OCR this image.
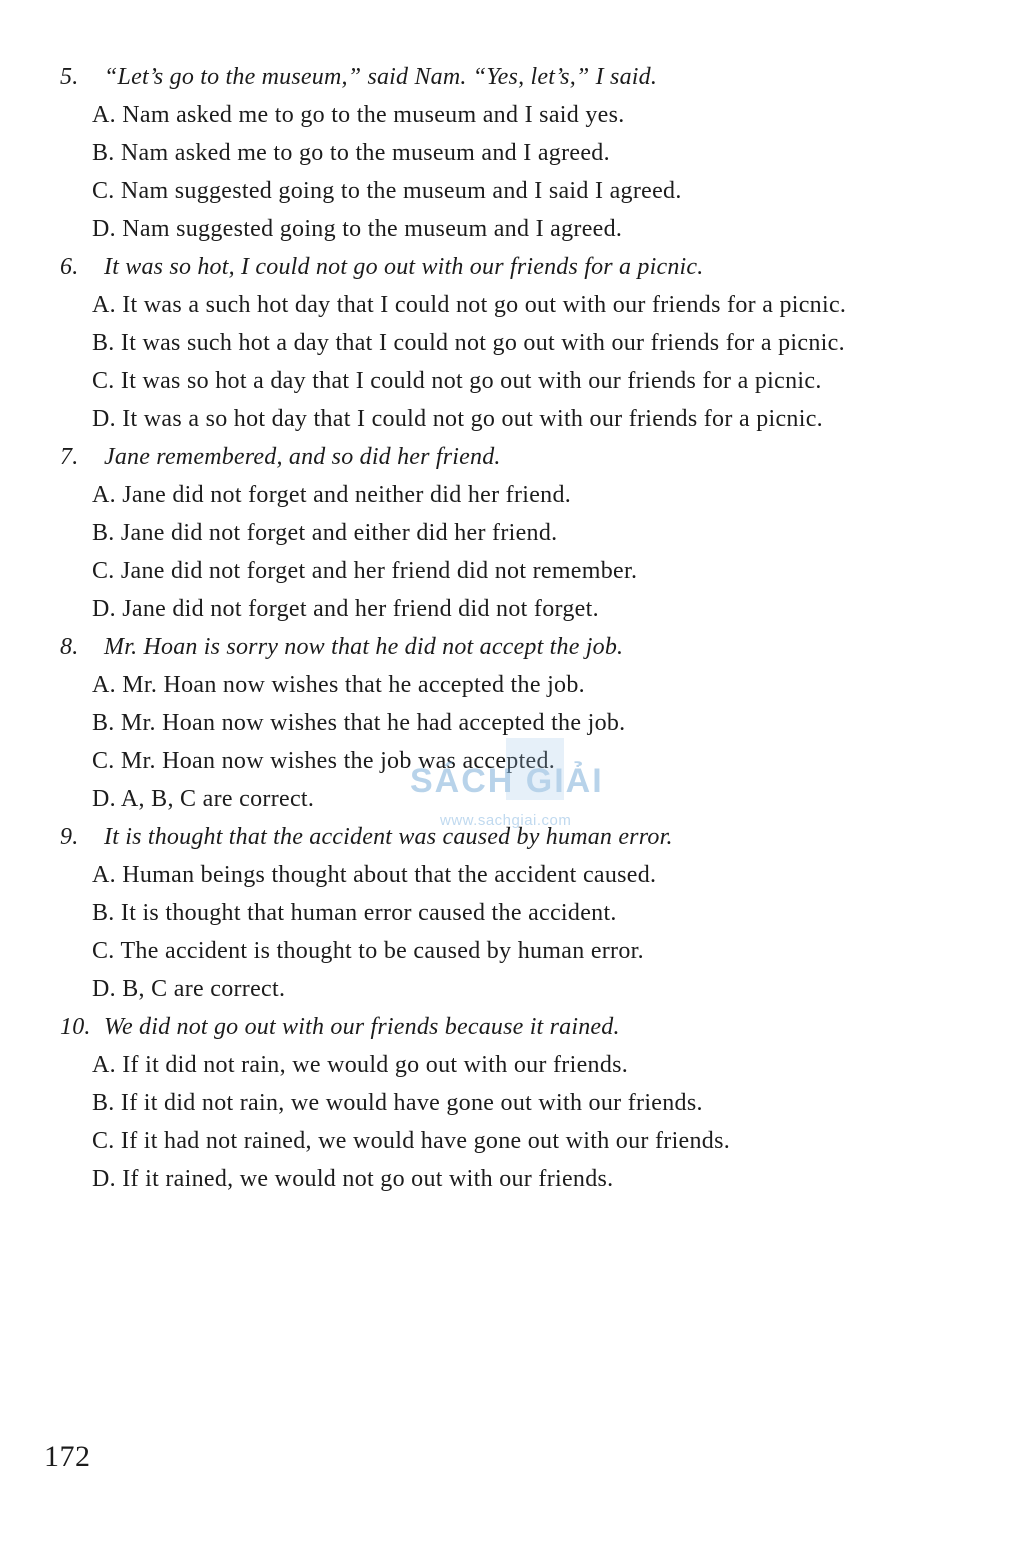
5. “Let’s go to the museum,” said Nam. “Yes, let’s,” I said.
A. Nam asked me to go to the museum and I said yes.
B. Nam asked me to go to the museum and I agreed.
C. Nam suggested going to the museum and I said I agreed.
D. Nam suggested going to the museum and I agreed.
6. It was so hot, I could not go out with our friends for a picnic.
A. It was a such hot day that I could not go out with our friends for a picnic.
B. It was such hot a day that I could not go out with our friends for a picnic.
C. It was so hot a day that I could not go out with our friends for a picnic.
D. It was a so hot day that I could not go out with our friends for a picnic.
7. Jane remembered, and so did her friend.
A. Jane did not forget and neither did her friend.
B. Jane did not forget and either did her friend.
C. Jane did not forget and her friend did not remember.
D. Jane did not forget and her friend did not forget.
8. Mr. Hoan is sorry now that he did not accept the job.
A. Mr. Hoan now wishes that he accepted the job.
B. Mr. Hoan now wishes that he had accepted the job.
C. Mr. Hoan now wishes the job was accepted.
D. A, B, C are correct.
9. It is thought that the accident was caused by human error.
A. Human beings thought about that the accident caused.
B. It is thought that human error caused the accident.
C. The accident is thought to be caused by human error.
D. B, C are correct.
10. We did not go out with our friends because it rained.
A. If it did not rain, we would go out with our friends.
B. If it did not rain, we would have gone out with our friends.
C. If it had not rained, we would have gone out with our friends.
D. If it rained, we would not go out with our friends.
SÁCH GIẢI
www.sachgiai.com
172
